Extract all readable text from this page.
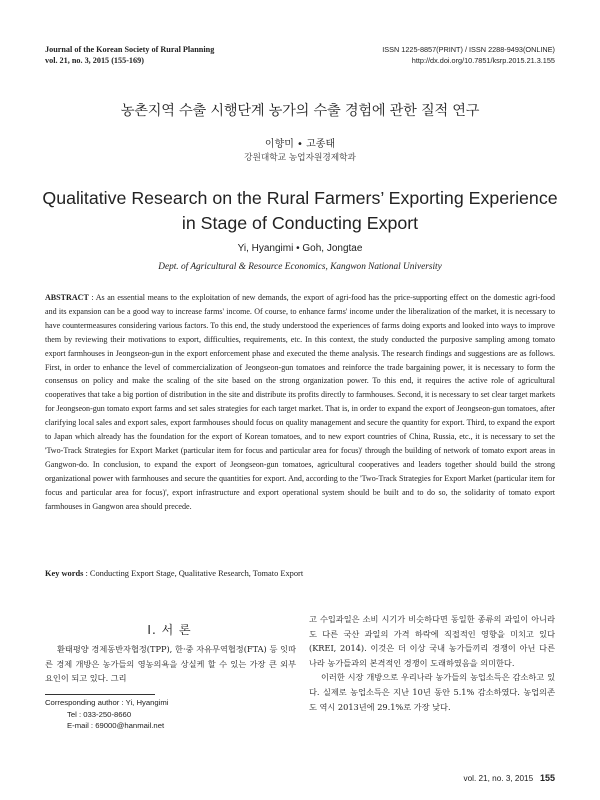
Journal of the Korean Society of Rural Planning
vol. 21, no. 3, 2015 (155-169)
ISSN 1225-8857(PRINT) / ISSN 2288-9493(ONLINE)
http://dx.doi.org/10.7851/ksrp.2015.21.3.155
농촌지역 수출 시행단계 농가의 수출 경험에 관한 질적 연구
이향미 • 고종태
강원대학교 농업자원경제학과
Qualitative Research on the Rural Farmers’ Exporting Experience
in Stage of Conducting Export
Yi, Hyangimi • Goh, Jongtae
Dept. of Agricultural & Resource Economics, Kangwon National University
ABSTRACT : As an essential means to the exploitation of new demands, the export of agri-food has the price-supporting effect on the domestic agri-food and its expansion can be a good way to increase farms' income. Of course, to enhance farms' income under the liberalization of the market, it is necessary to have countermeasures considering various factors. To this end, the study understood the experiences of farms doing exports and looked into ways to improve them by reviewing their motivations to export, difficulties, requirements, etc. In this context, the study conducted the purposive sampling among tomato export farmhouses in Jeongseon-gun in the export enforcement phase and executed the theme analysis. The research findings and suggestions are as follows. First, in order to enhance the level of commercialization of Jeongseon-gun tomatoes and reinforce the trade bargaining power, it is necessary to form the consensus on policy and make the scaling of the site based on the strong organization power. To this end, it requires the active role of agricultural cooperatives that take a big portion of distribution in the site and distribute its profits directly to farmhouses. Second, it is necessary to set clear target markets for Jeongseon-gun tomato export farms and set sales strategies for each target market. That is, in order to expand the export of Jeongseon-gun tomatoes, after clarifying local sales and export sales, export farmhouses should focus on quality management and secure the quantity for export. Third, to expand the export to Japan which already has the foundation for the export of Korean tomatoes, and to new export countries of China, Russia, etc., it is necessary to set the 'Two-Track Strategies for Export Market (particular item for focus and particular area for focus)' through the building of network of tomato export areas in Gangwon-do. In conclusion, to expand the export of Jeongseon-gun tomatoes, agricultural cooperatives and leaders together should build the strong organizational power with farmhouses and secure the quantities for export. And, according to the 'Two-Track Strategies for Export Market (particular item for focus and particular area for focus)', export infrastructure and export operational system should be built and to do so, the solidarity of tomato export farmhouses in Gangwon area should precede.
Key words : Conducting Export Stage, Qualitative Research, Tomato Export
Ⅰ. 서 론
환태평양 경제동반자협정(TPP), 한·중 자유무역협정(FTA) 등 잇따른 경제 개방은 농가들의 영농의욕을 상실케 할 수 있는 가장 큰 외부 요인이 되고 있다. 그리
Corresponding author : Yi, Hyangimi
Tel : 033-250-8660
E-mail : 69000@hanmail.net
고 수입과일은 소비 시기가 비슷하다면 동일한 종류의 과일이 아니라도 다른 국산 과일의 가격 하락에 직접적인 영향을 미치고 있다(KREI, 2014). 이것은 더 이상 국내 농가들끼리 경쟁이 아닌 다른 나라 농가들과의 본격적인 경쟁이 도래하였음을 의미한다.
이러한 시장 개방으로 우리나라 농가들의 농업소득은 감소하고 있다. 실제로 농업소득은 지난 10년 동안 5.1% 감소하였다. 농업의존도 역시 2013년에 29.1%로 가장 낮다.
vol. 21, no. 3, 2015 155
